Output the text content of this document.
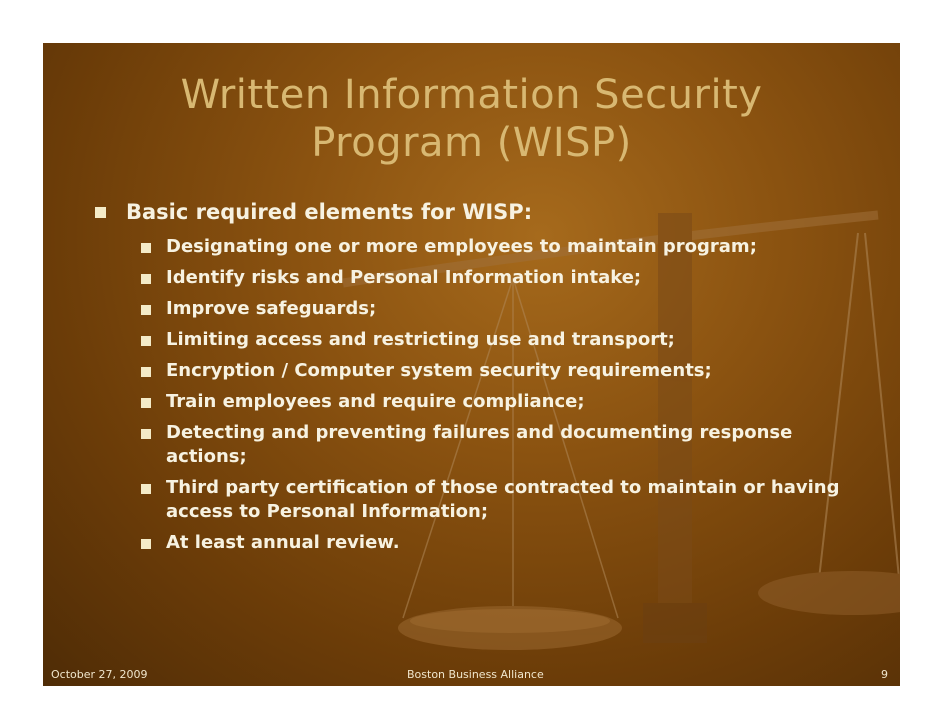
Written Information Security
Program (WISP)
Basic required elements for WISP:
Designating one or more employees to maintain program;
Identify risks and Personal Information intake;
Improve safeguards;
Limiting access and restricting use and transport;
Encryption / Computer system security requirements;
Train employees and require compliance;
Detecting and preventing failures and documenting response actions;
Third party certification of those contracted to maintain or having access to Personal Information;
At least annual review.
October 27, 2009	Boston Business Alliance	9
